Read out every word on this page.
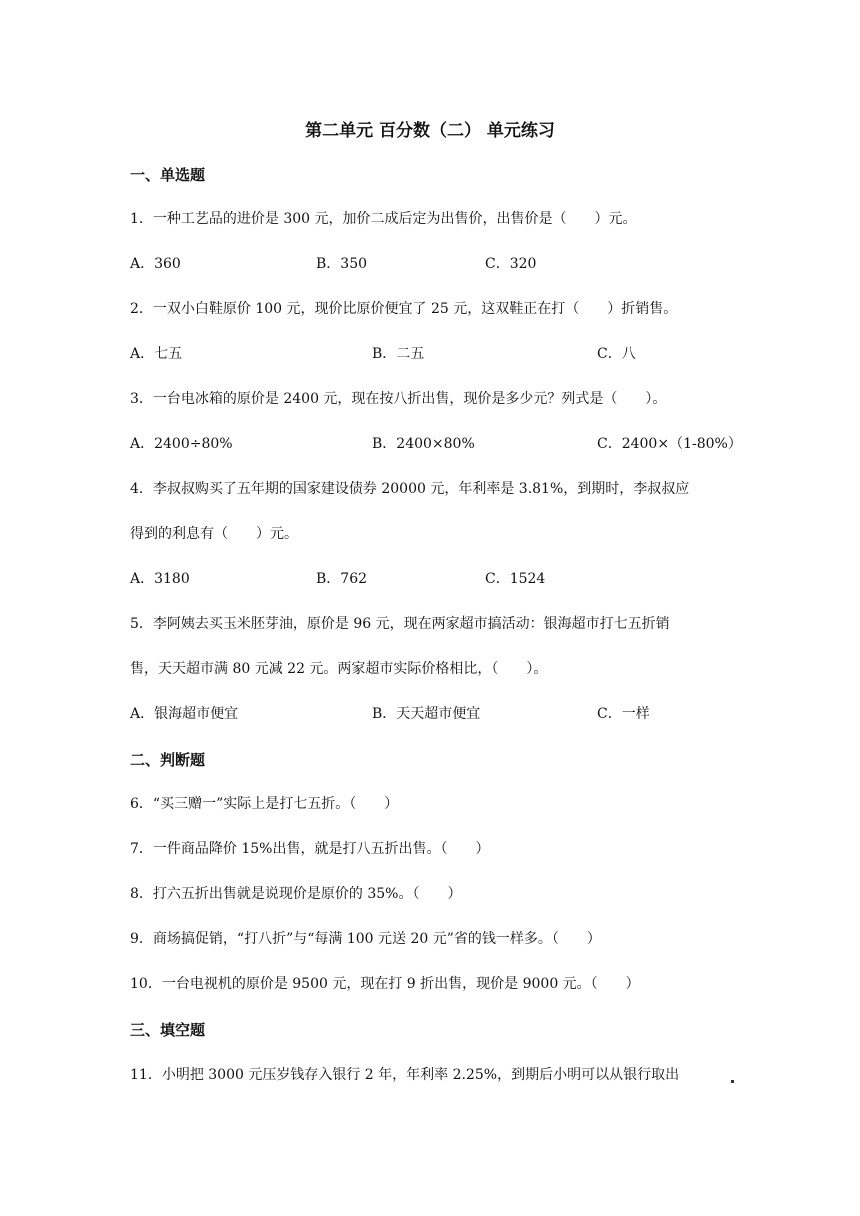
第二单元 百分数（二） 单元练习
一、单选题
1．一种工艺品的进价是 300 元，加价二成后定为出售价，出售价是（　　）元。
A．360	B．350	C．320
2．一双小白鞋原价 100 元，现价比原价便宜了 25 元，这双鞋正在打（　　）折销售。
A．七五	B．二五	C．八
3．一台电冰箱的原价是 2400 元，现在按八折出售，现价是多少元？列式是（　　）。
A．2400÷80%	B．2400×80%	C．2400×（1-80%）
4．李叔叔购买了五年期的国家建设债券 20000 元，年利率是 3.81%，到期时，李叔叔应
得到的利息有（　　）元。
A．3180	B．762	C．1524
5．李阿姨去买玉米胚芽油，原价是 96 元，现在两家超市搞活动：银海超市打七五折销
售，天天超市满 80 元减 22 元。两家超市实际价格相比，（　　）。
A．银海超市便宜	B．天天超市便宜	C．一样
二、判断题
6．“买三赠一”实际上是打七五折。（　　）
7．一件商品降价 15%出售，就是打八五折出售。（　　）
8．打六五折出售就是说现价是原价的 35%。（　　）
9．商场搞促销，“打八折”与“每满 100 元送 20 元”省的钱一样多。（　　）
10．一台电视机的原价是 9500 元，现在打 9 折出售，现价是 9000 元。（　　）
三、填空题
11．小明把 3000 元压岁钱存入银行 2 年，年利率 2.25%，到期后小明可以从银行取出
